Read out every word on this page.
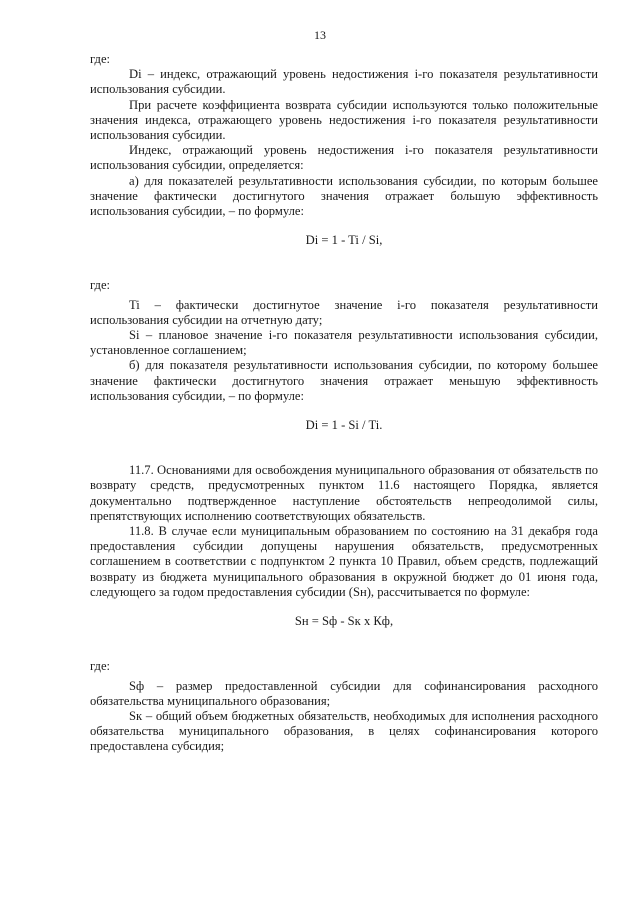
13

где:

Di – индекс, отражающий уровень недостижения i-го показателя результативности использования субсидии.

При расчете коэффициента возврата субсидии используются только положительные значения индекса, отражающего уровень недостижения i-го показателя результативности использования субсидии.

Индекс, отражающий уровень недостижения i-го показателя результативности использования субсидии, определяется:

а) для показателей результативности использования субсидии, по которым большее значение фактически достигнутого значения отражает большую эффективность использования субсидии, – по формуле:

Di = 1 - Ti / Si,

где:

Ti – фактически достигнутое значение i-го показателя результативности использования субсидии на отчетную дату;

Si – плановое значение i-го показателя результативности использования субсидии, установленное соглашением;

б) для показателя результативности использования субсидии, по которому большее значение фактически достигнутого значения отражает меньшую эффективность использования субсидии, – по формуле:

Di = 1 - Si / Ti.

11.7. Основаниями для освобождения муниципального образования от обязательств по возврату средств, предусмотренных пунктом 11.6 настоящего Порядка, является документально подтвержденное наступление обстоятельств непреодолимой силы, препятствующих исполнению соответствующих обязательств.

11.8. В случае если муниципальным образованием по состоянию на 31 декабря года предоставления субсидии допущены нарушения обязательств, предусмотренных соглашением в соответствии с подпунктом 2 пункта 10 Правил, объем средств, подлежащий возврату из бюджета муниципального образования в окружной бюджет до 01 июня года, следующего за годом предоставления субсидии (Sн), рассчитывается по формуле:

Sн = Sф - Sк х Кф,

где:

Sф – размер предоставленной субсидии для софинансирования расходного обязательства муниципального образования;

Sк – общий объем бюджетных обязательств, необходимых для исполнения расходного обязательства муниципального образования, в целях софинансирования которого предоставлена субсидия;
